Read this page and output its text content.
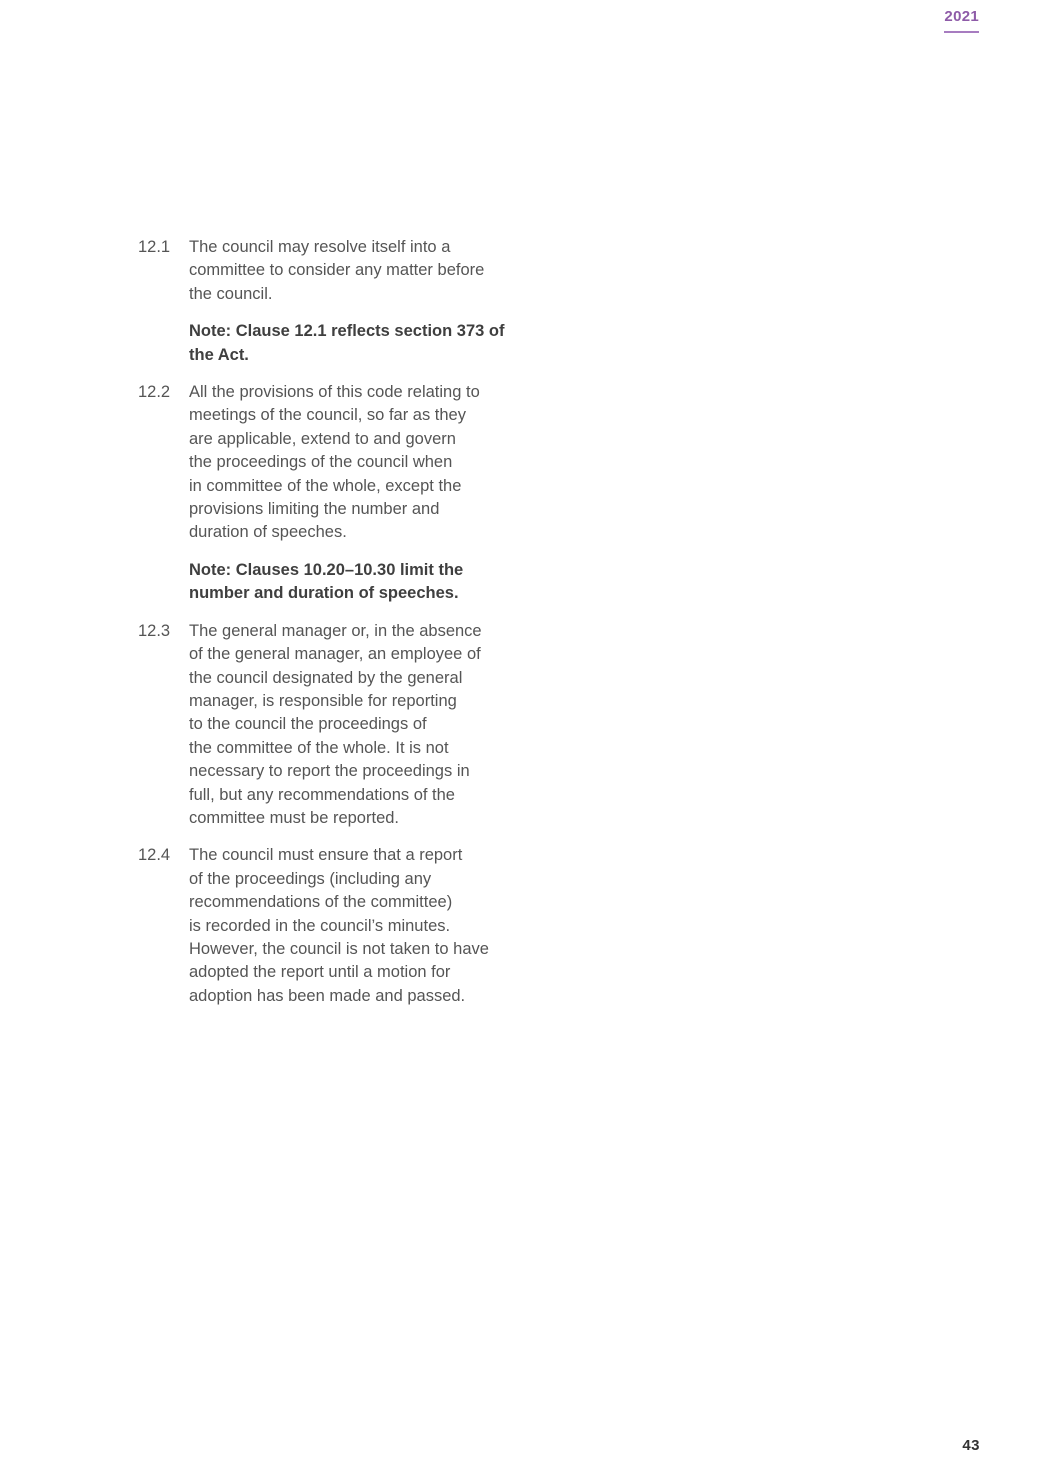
2021
12.1	The council may resolve itself into a
committee to consider any matter before
the council.

Note: Clause 12.1 reflects section 373 of
the Act.

12.2	All the provisions of this code relating to
meetings of the council, so far as they
are applicable, extend to and govern
the proceedings of the council when
in committee of the whole, except the
provisions limiting the number and
duration of speeches.

Note: Clauses 10.20–10.30 limit the
number and duration of speeches.

12.3	The general manager or, in the absence
of the general manager, an employee of
the council designated by the general
manager, is responsible for reporting
to the council the proceedings of
the committee of the whole. It is not
necessary to report the proceedings in
full, but any recommendations of the
committee must be reported.

12.4	The council must ensure that a report
of the proceedings (including any
recommendations of the committee)
is recorded in the council’s minutes.
However, the council is not taken to have
adopted the report until a motion for
adoption has been made and passed.

43
